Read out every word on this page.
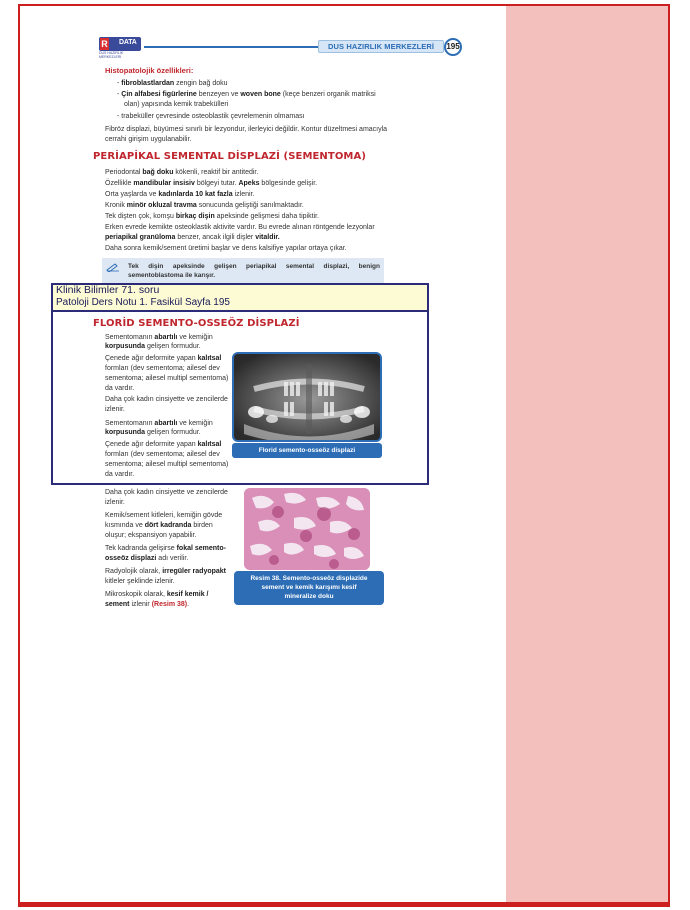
R DATA
DUS HAZIRLIK MERKEZLERİ
DUS HAZIRLIK MERKEZLERİ 195
Histopatolojik özellikleri:
- fibroblastlardan zengin bağ doku
- Çin alfabesi figürlerine benzeyen ve woven bone (keçe benzeri organik matriksi
olan) yapısında kemik trabekülleri
- trabeküller çevresinde osteoblastik çevrelemenin olmaması
Fibröz displazi, büyümesi sınırlı bir lezyondur, ilerleyici değildir. Kontur düzeltmesi amacıyla
cerrahi girişim uygulanabilir.
PERİAPİKAL SEMENTAL DİSPLAZİ (SEMENTOMA)
Periodontal bağ doku kökenli, reaktif bir antitedir.
Özellikle mandibular insisiv bölgeyi tutar. Apeks bölgesinde gelişir.
Orta yaşlarda ve kadınlarda 10 kat fazla izlenir.
Kronik minör okluzal travma sonucunda geliştiği sanılmaktadır.
Tek dişten çok, komşu birkaç dişin apeksinde gelişmesi daha tipiktir.
Erken evrede kemikte osteoklastik aktivite vardır. Bu evrede alınan röntgende lezyonlar
periapikal granüloma benzer, ancak ilgili dişler vitaldir.
Daha sonra kemik/sement üretimi başlar ve dens kalsifiye yapılar ortaya çıkar.
Tek dişin apeksinde gelişen periapikal semental displazi, benign sementoblastoma ile karışır.
Klinik Bilimler 71. soru
Patoloji Ders Notu 1. Fasikül Sayfa 195
FLORİD SEMENTO-OSSEÖZ DİSPLAZİ
Sementomanın abartılı ve kemiğin
korpusunda gelişen formudur.
Çenede ağır deformite yapan kalıtsal
formları (dev sementoma; ailesel dev
sementoma; ailesel multipl sementoma)
da vardır.
Daha çok kadın cinsiyette ve zencilerde
izlenir.
Sementomanın abartılı ve kemiğin
korpusunda gelişen formudur.
Çenede ağır deformite yapan kalıtsal
formları (dev sementoma; ailesel dev
sementoma; ailesel multipl sementoma)
da vardır.
Daha çok kadın cinsiyette ve zencilerde
izlenir.
Kemik/sement kitleleri, kemiğin gövde
kısmında ve dört kadranda birden
oluşur; ekspansiyon yapabilir.
Tek kadranda gelişirse fokal semento-
osseöz displazi adı verilir.
Radyolojik olarak, irregüler radyopakt
kitleler şeklinde izlenir.
Mikroskopik olarak, kesif kemik /
sement izlenir (Resim 38).
Florid semento-osseöz displazi
Resim 38. Semento-osseöz displazide
sement ve kemik karışımı kesif
mineralize doku
